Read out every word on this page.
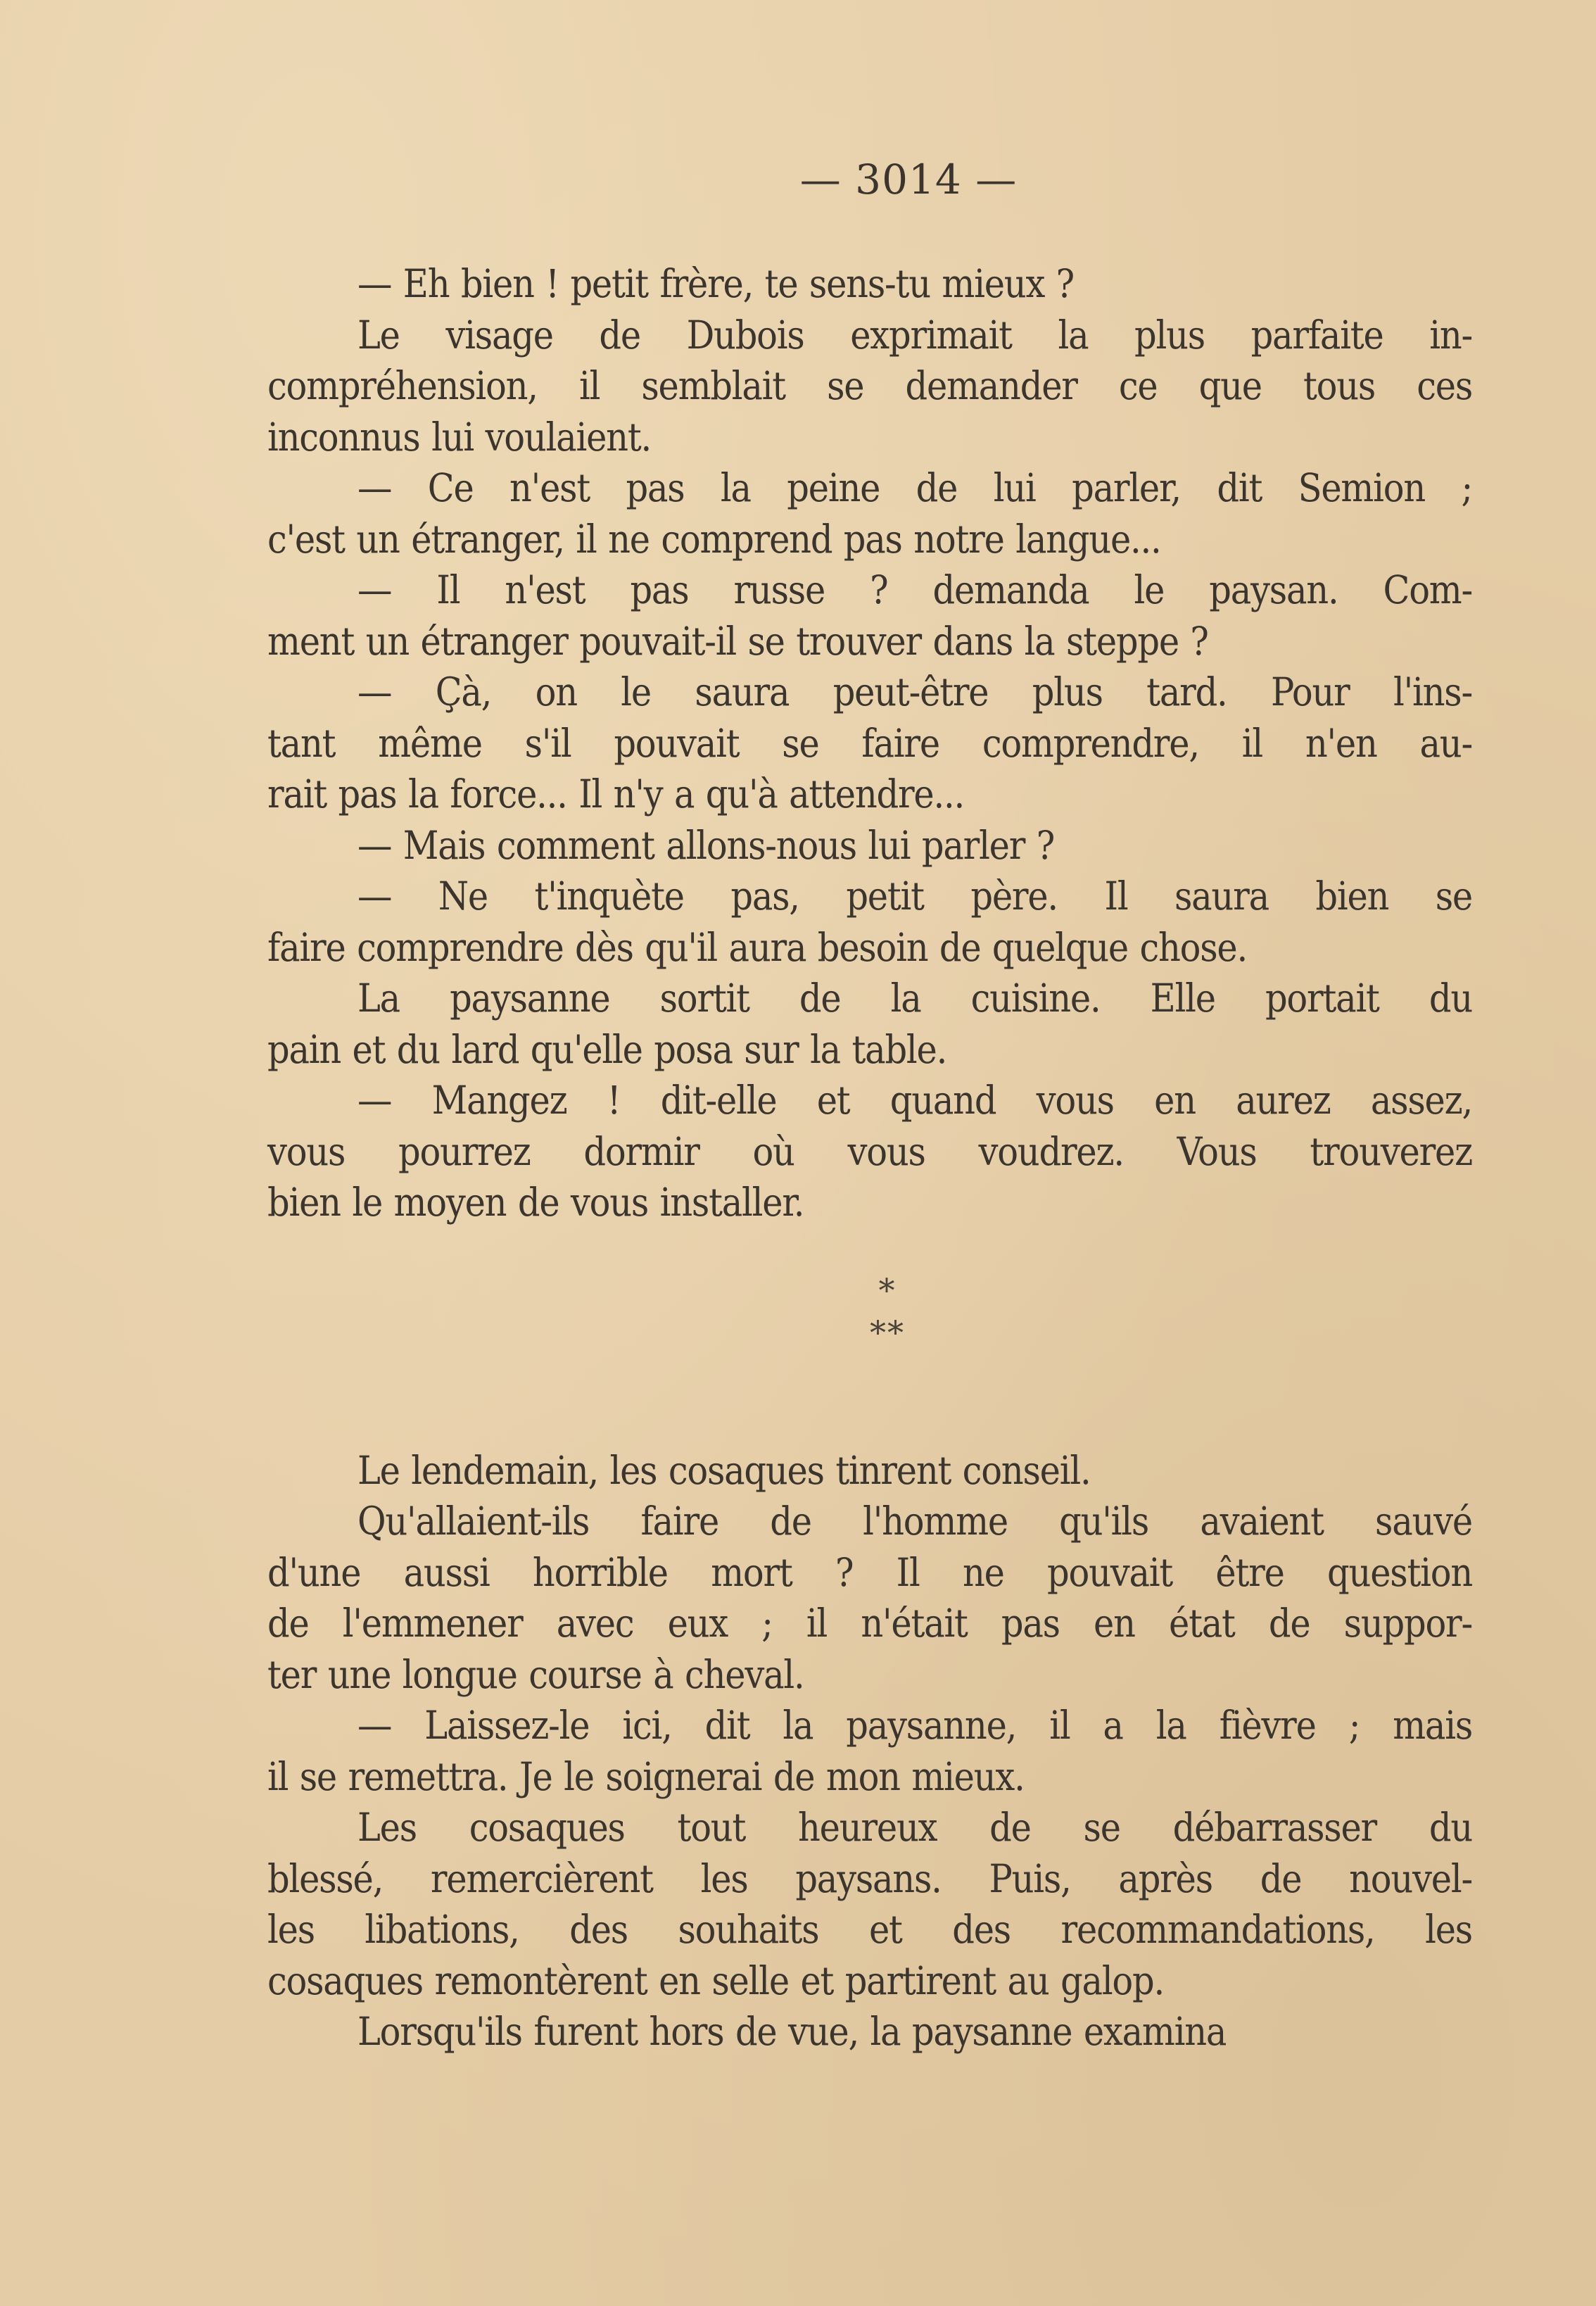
— 3014 —

— Eh bien ! petit frère, te sens-tu mieux ?

Le visage de Dubois exprimait la plus parfaite in-
compréhension, il semblait se demander ce que tous ces
inconnus lui voulaient.

— Ce n'est pas la peine de lui parler, dit Semion ;
c'est un étranger, il ne comprend pas notre langue...

— Il n'est pas russe ? demanda le paysan. Com-
ment un étranger pouvait-il se trouver dans la steppe ?

— Çà, on le saura peut-être plus tard. Pour l'ins-
tant même s'il pouvait se faire comprendre, il n'en au-
rait pas la force... Il n'y a qu'à attendre...

— Mais comment allons-nous lui parler ?

— Ne t'inquète pas, petit père. Il saura bien se
faire comprendre dès qu'il aura besoin de quelque chose.

La paysanne sortit de la cuisine. Elle portait du
pain et du lard qu'elle posa sur la table.

— Mangez ! dit-elle et quand vous en aurez assez,
vous pourrez dormir où vous voudrez. Vous trouverez
bien le moyen de vous installer.

*
**

Le lendemain, les cosaques tinrent conseil.

Qu'allaient-ils faire de l'homme qu'ils avaient sauvé
d'une aussi horrible mort ? Il ne pouvait être question
de l'emmener avec eux ; il n'était pas en état de suppor-
ter une longue course à cheval.

— Laissez-le ici, dit la paysanne, il a la fièvre ; mais
il se remettra. Je le soignerai de mon mieux.

Les cosaques tout heureux de se débarrasser du
blessé, remercièrent les paysans. Puis, après de nouvel-
les libations, des souhaits et des recommandations, les
cosaques remontèrent en selle et partirent au galop.

Lorsqu'ils furent hors de vue, la paysanne examina
